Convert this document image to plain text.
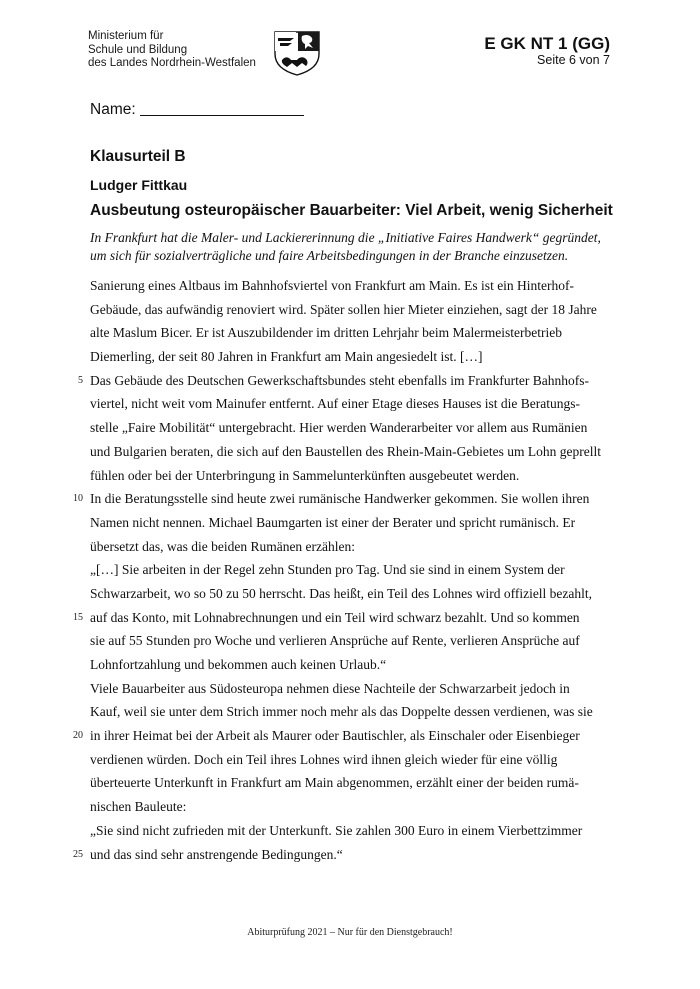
Ministerium für
Schule und Bildung
des Landes Nordrhein-Westfalen
E GK NT 1 (GG)
Seite 6 von 7
Name:
Klausurteil B
Ludger Fittkau
Ausbeutung osteuropäischer Bauarbeiter: Viel Arbeit, wenig Sicherheit
In Frankfurt hat die Maler- und Lackiererinnung die „Initiative Faires Handwerk“ gegründet,
um sich für sozialverträgliche und faire Arbeitsbedingungen in der Branche einzusetzen.
Sanierung eines Altbaus im Bahnhofsviertel von Frankfurt am Main. Es ist ein Hinterhof-
Gebäude, das aufwändig renoviert wird. Später sollen hier Mieter einziehen, sagt der 18 Jahre
alte Maslum Bicer. Er ist Auszubildender im dritten Lehrjahr beim Malermeisterbetrieb
Diemerling, der seit 80 Jahren in Frankfurt am Main angesiedelt ist. […]
5 Das Gebäude des Deutschen Gewerkschaftsbundes steht ebenfalls im Frankfurter Bahnhofs-
viertel, nicht weit vom Mainufer entfernt. Auf einer Etage dieses Hauses ist die Beratungs-
stelle „Faire Mobilität“ untergebracht. Hier werden Wanderarbeiter vor allem aus Rumänien
und Bulgarien beraten, die sich auf den Baustellen des Rhein-Main-Gebietes um Lohn geprellt
fühlen oder bei der Unterbringung in Sammelunterkünften ausgebeutet werden.
10 In die Beratungsstelle sind heute zwei rumänische Handwerker gekommen. Sie wollen ihren
Namen nicht nennen. Michael Baumgarten ist einer der Berater und spricht rumänisch. Er
übersetzt das, was die beiden Rumänen erzählen:
„[…] Sie arbeiten in der Regel zehn Stunden pro Tag. Und sie sind in einem System der
Schwarzarbeit, wo so 50 zu 50 herrscht. Das heißt, ein Teil des Lohnes wird offiziell bezahlt,
15 auf das Konto, mit Lohnabrechnungen und ein Teil wird schwarz bezahlt. Und so kommen
sie auf 55 Stunden pro Woche und verlieren Ansprüche auf Rente, verlieren Ansprüche auf
Lohnfortzahlung und bekommen auch keinen Urlaub.“
Viele Bauarbeiter aus Südosteuropa nehmen diese Nachteile der Schwarzarbeit jedoch in
Kauf, weil sie unter dem Strich immer noch mehr als das Doppelte dessen verdienen, was sie
20 in ihrer Heimat bei der Arbeit als Maurer oder Bautischler, als Einschaler oder Eisenbieger
verdienen würden. Doch ein Teil ihres Lohnes wird ihnen gleich wieder für eine völlig
überteuerte Unterkunft in Frankfurt am Main abgenommen, erzählt einer der beiden rumä-
nischen Bauleute:
„Sie sind nicht zufrieden mit der Unterkunft. Sie zahlen 300 Euro in einem Vierbettzimmer
25 und das sind sehr anstrengende Bedingungen.“
Abiturprüfung 2021 – Nur für den Dienstgebrauch!
